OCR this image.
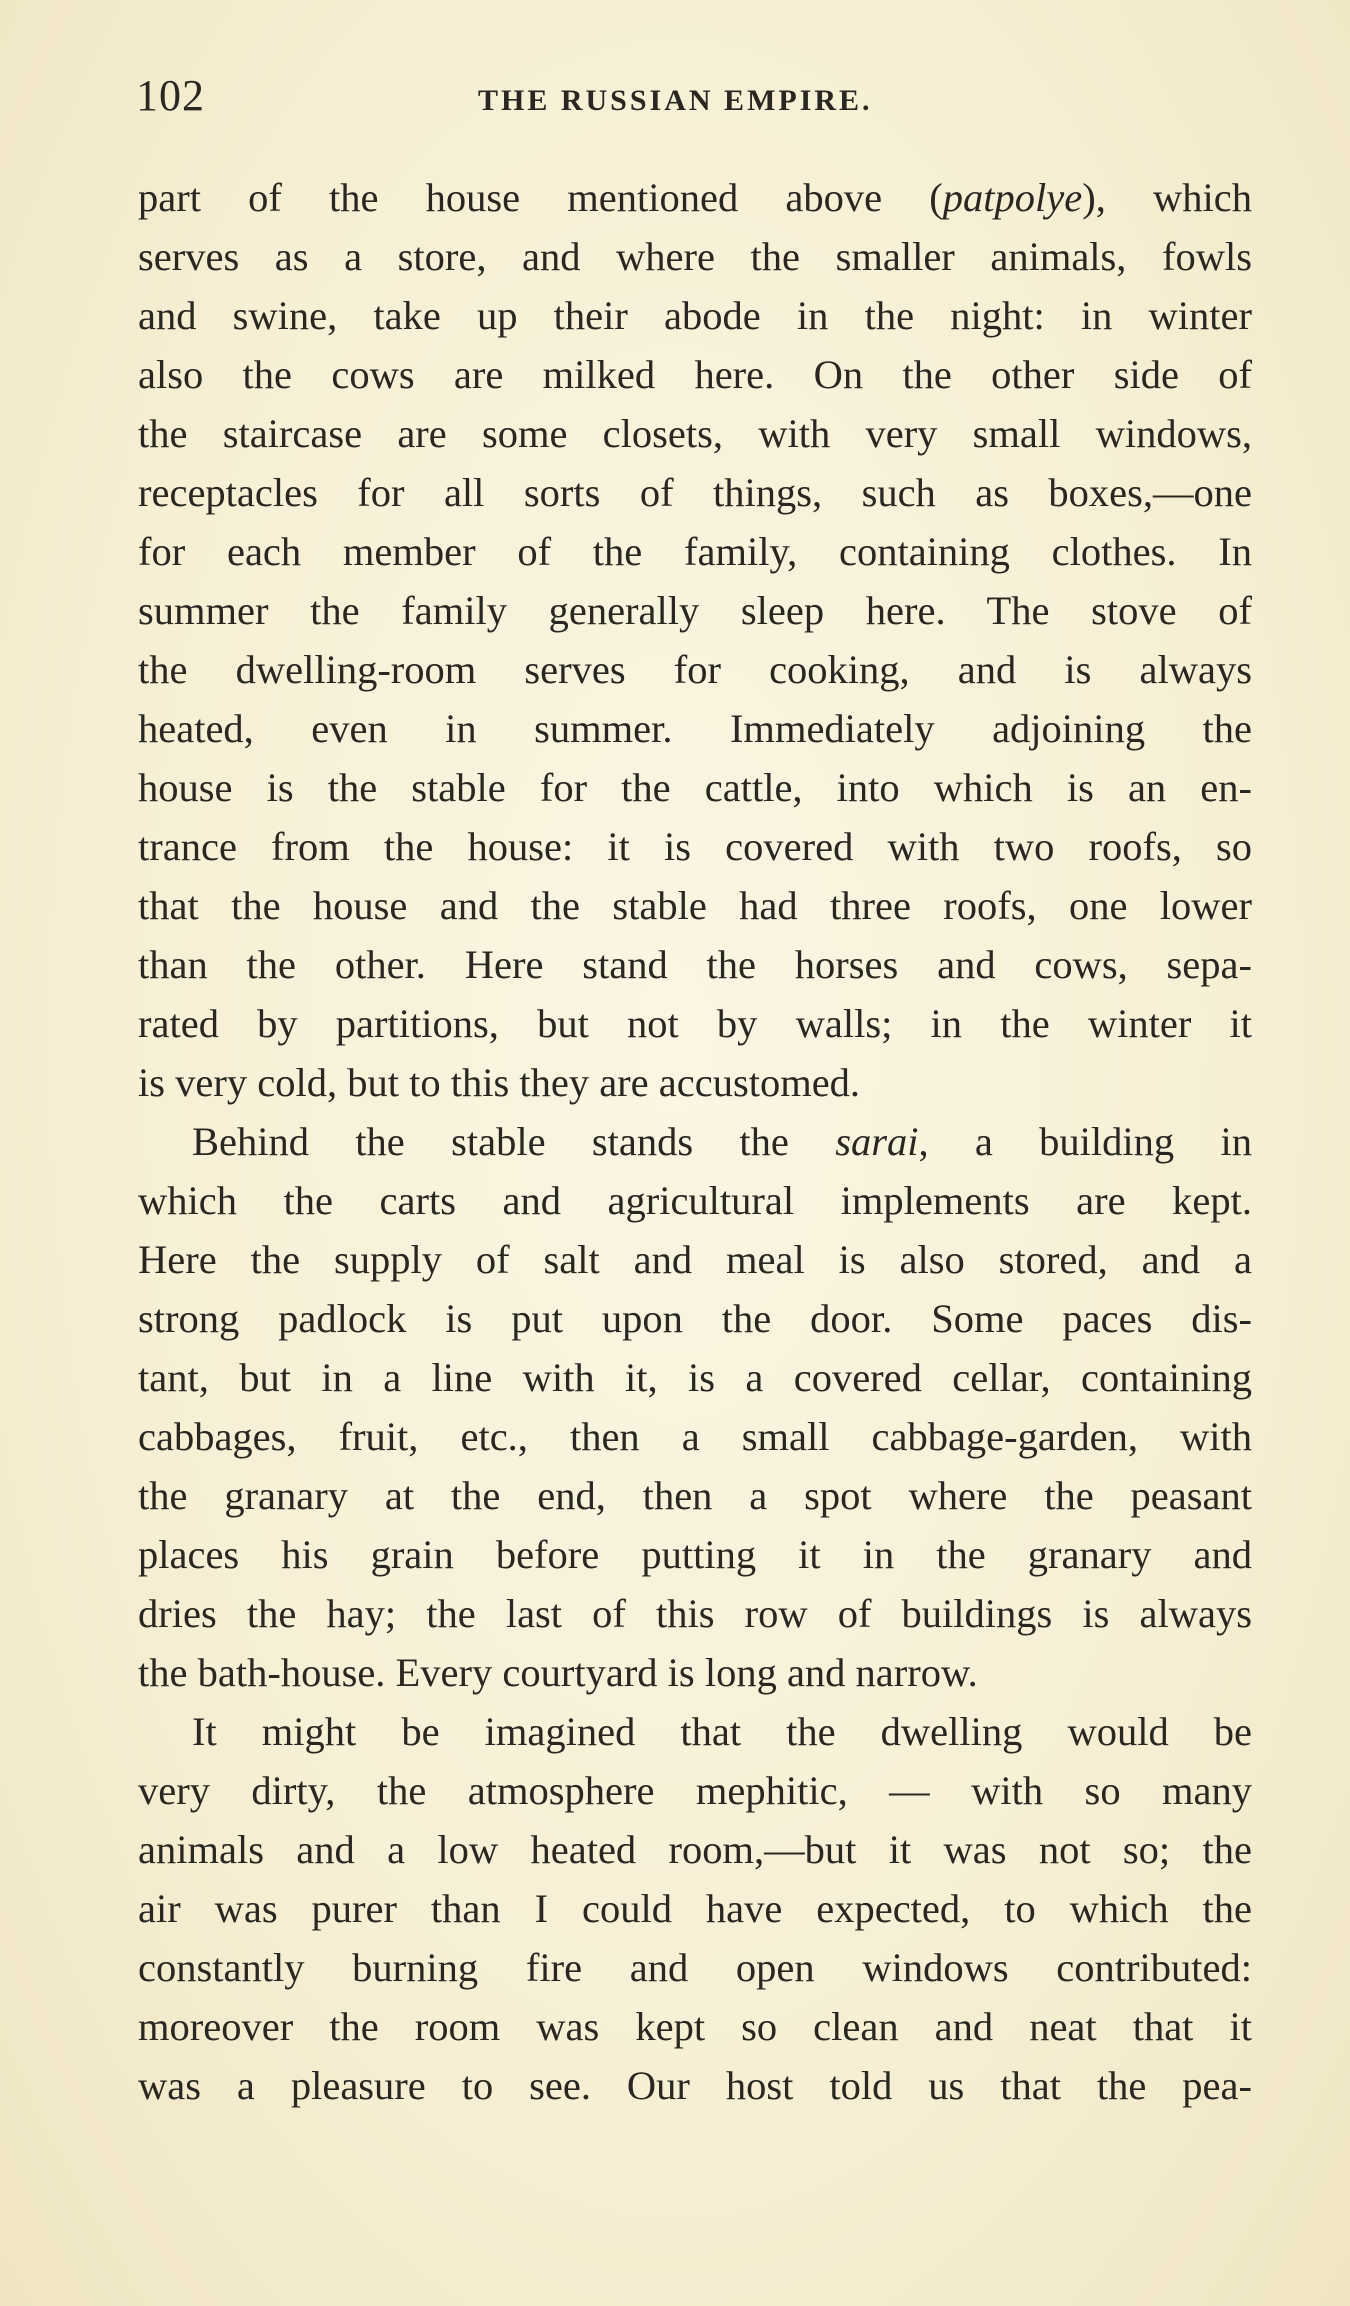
102	THE RUSSIAN EMPIRE.
part of the house mentioned above (patpolye), which
serves as a store, and where the smaller animals, fowls
and swine, take up their abode in the night: in winter
also the cows are milked here. On the other side of
the staircase are some closets, with very small windows,
receptacles for all sorts of things, such as boxes,—one
for each member of the family, containing clothes. In
summer the family generally sleep here. The stove of
the dwelling-room serves for cooking, and is always
heated, even in summer. Immediately adjoining the
house is the stable for the cattle, into which is an en-
trance from the house: it is covered with two roofs, so
that the house and the stable had three roofs, one lower
than the other. Here stand the horses and cows, sepa-
rated by partitions, but not by walls; in the winter it
is very cold, but to this they are accustomed.
Behind the stable stands the sarai, a building in
which the carts and agricultural implements are kept.
Here the supply of salt and meal is also stored, and a
strong padlock is put upon the door. Some paces dis-
tant, but in a line with it, is a covered cellar, containing
cabbages, fruit, etc., then a small cabbage-garden, with
the granary at the end, then a spot where the peasant
places his grain before putting it in the granary and
dries the hay; the last of this row of buildings is always
the bath-house. Every courtyard is long and narrow.
It might be imagined that the dwelling would be
very dirty, the atmosphere mephitic, — with so many
animals and a low heated room,—but it was not so; the
air was purer than I could have expected, to which the
constantly burning fire and open windows contributed:
moreover the room was kept so clean and neat that it
was a pleasure to see. Our host told us that the pea-
